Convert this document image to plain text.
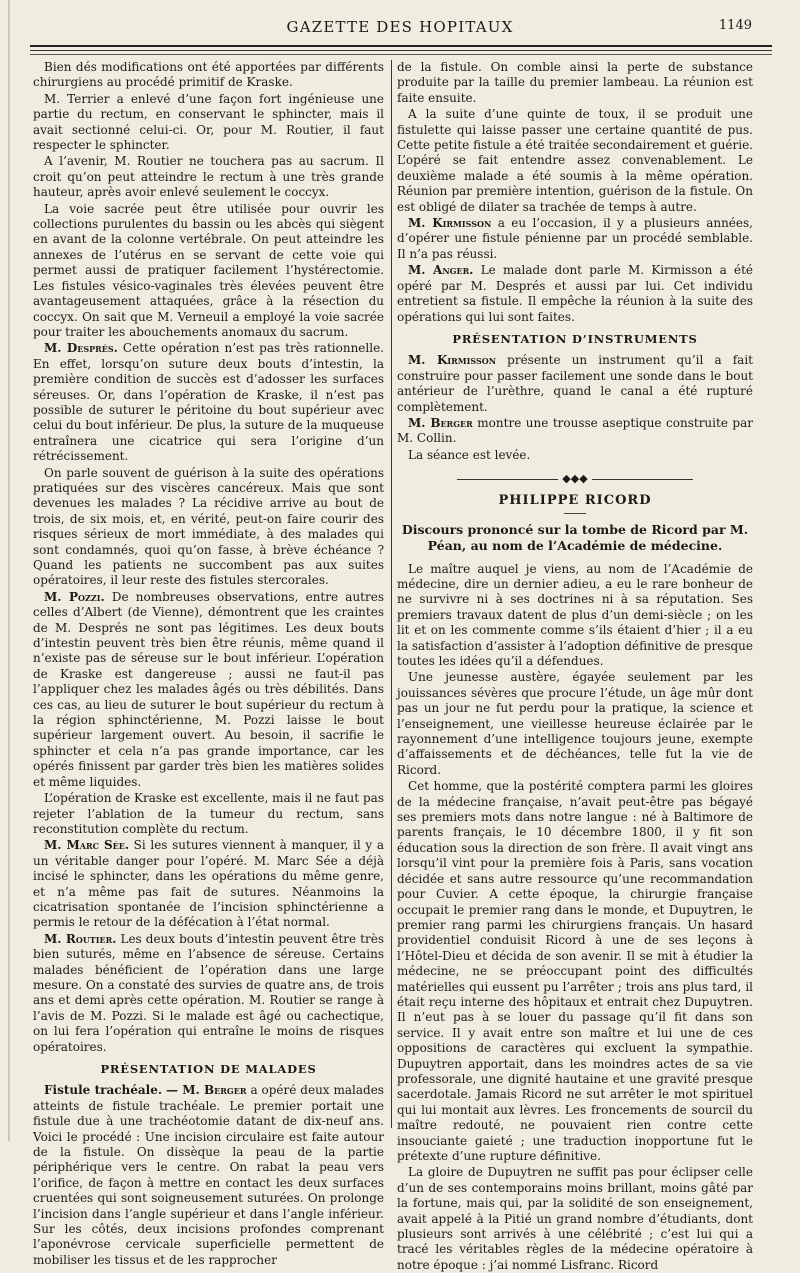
GAZETTE DES HOPITAUX	1149

Bien dés modifications ont été apportées par différents chirurgiens au procédé primitif de Kraske.

M. Terrier a enlevé d’une façon fort ingénieuse une partie du rectum, en conservant le sphincter, mais il avait sectionné celui-ci. Or, pour M. Routier, il faut respecter le sphincter.

A l’avenir, M. Routier ne touchera pas au sacrum. Il croit qu’on peut atteindre le rectum à une très grande hauteur, après avoir enlevé seulement le coccyx.

La voie sacrée peut être utilisée pour ouvrir les collections purulentes du bassin ou les abcès qui siègent en avant de la colonne vertébrale. On peut atteindre les annexes de l’utérus en se servant de cette voie qui permet aussi de pratiquer facilement l’hystérectomie. Les fistules vésico-vaginales très élevées peuvent être avantageusement attaquées, grâce à la résection du coccyx. On sait que M. Verneuil a employé la voie sacrée pour traiter les abouchements anomaux du sacrum.

M. Després. Cette opération n’est pas très rationnelle. En effet, lorsqu’on suture deux bouts d’intestin, la première condition de succès est d’adosser les surfaces séreuses. Or, dans l’opération de Kraske, il n’est pas possible de suturer le péritoine du bout supérieur avec celui du bout inférieur. De plus, la suture de la muqueuse entraînera une cicatrice qui sera l’origine d’un rétrécissement.

On parle souvent de guérison à la suite des opérations pratiquées sur des viscères cancéreux. Mais que sont devenues les malades ? La récidive arrive au bout de trois, de six mois, et, en vérité, peut-on faire courir des risques sérieux de mort immédiate, à des malades qui sont condamnés, quoi qu’on fasse, à brève échéance ? Quand les patients ne succombent pas aux suites opératoires, il leur reste des fistules stercorales.

M. Pozzi. De nombreuses observations, entre autres celles d’Albert (de Vienne), démontrent que les craintes de M. Després ne sont pas légitimes. Les deux bouts d’intestin peuvent très bien être réunis, même quand il n’existe pas de séreuse sur le bout inférieur. L’opération de Kraske est dangereuse ; aussi ne faut-il pas l’appliquer chez les malades âgés ou très débilités. Dans ces cas, au lieu de suturer le bout supérieur du rectum à la région sphinctérienne, M. Pozzi laisse le bout supérieur largement ouvert. Au besoin, il sacrifie le sphincter et cela n’a pas grande importance, car les opérés finissent par garder très bien les matières solides et même liquides.

L’opération de Kraske est excellente, mais il ne faut pas rejeter l’ablation de la tumeur du rectum, sans reconstitution complète du rectum.

M. Marc Sée. Si les sutures viennent à manquer, il y a un véritable danger pour l’opéré. M. Marc Sée a déjà incisé le sphincter, dans les opérations du même genre, et n’a même pas fait de sutures. Néanmoins la cicatrisation spontanée de l’incision sphinctérienne a permis le retour de la défécation à l’état normal.

M. Routier. Les deux bouts d’intestin peuvent être très bien suturés, même en l’absence de séreuse. Certains malades bénéficient de l’opération dans une large mesure. On a constaté des survies de quatre ans, de trois ans et demi après cette opération. M. Routier se range à l’avis de M. Pozzi. Si le malade est âgé ou cachectique, on lui fera l’opération qui entraîne le moins de risques opératoires.

PRÉSENTATION DE MALADES

Fistule trachéale. — M. Berger a opéré deux malades atteints de fistule trachéale. Le premier portait une fistule due à une trachéotomie datant de dix-neuf ans. Voici le procédé : Une incision circulaire est faite autour de la fistule. On dissèque la peau de la partie périphérique vers le centre. On rabat la peau vers l’orifice, de façon à mettre en contact les deux surfaces cruentées qui sont soigneusement suturées. On prolonge l’incision dans l’angle supérieur et dans l’angle inférieur. Sur les côtés, deux incisions profondes comprenant l’aponévrose cervicale superficielle permettent de mobiliser les tissus et de les rapprocher

de la fistule. On comble ainsi la perte de substance produite par la taille du premier lambeau. La réunion est faite ensuite.

A la suite d’une quinte de toux, il se produit une fistulette qui laisse passer une certaine quantité de pus. Cette petite fistule a été traitée secondairement et guérie. L’opéré se fait entendre assez convenablement. Le deuxième malade a été soumis à la même opération. Réunion par première intention, guérison de la fistule. On est obligé de dilater sa trachée de temps à autre.

M. Kirmisson a eu l’occasion, il y a plusieurs années, d’opérer une fistule pénienne par un procédé semblable. Il n’a pas réussi.

M. Anger. Le malade dont parle M. Kirmisson a été opéré par M. Després et aussi par lui. Cet individu entretient sa fistule. Il empêche la réunion à la suite des opérations qui lui sont faites.

PRÉSENTATION D’INSTRUMENTS

M. Kirmisson présente un instrument qu’il a fait construire pour passer facilement une sonde dans le bout antérieur de l’urèthre, quand le canal a été rupturé complètement.

M. Berger montre une trousse aseptique construite par M. Collin.

La séance est levée.

◆◆◆
PHILIPPE RICORD
Discours prononcé sur la tombe de Ricord par M. Péan, au nom de l’Académie de médecine.

Le maître auquel je viens, au nom de l’Académie de médecine, dire un dernier adieu, a eu le rare bonheur de ne survivre ni à ses doctrines ni à sa réputation. Ses premiers travaux datent de plus d’un demi-siècle ; on les lit et on les commente comme s’ils étaient d’hier ; il a eu la satisfaction d’assister à l’adoption définitive de presque toutes les idées qu’il a défendues.

Une jeunesse austère, égayée seulement par les jouissances sévères que procure l’étude, un âge mûr dont pas un jour ne fut perdu pour la pratique, la science et l’enseignement, une vieillesse heureuse éclairée par le rayonnement d’une intelligence toujours jeune, exempte d’affaissements et de déchéances, telle fut la vie de Ricord.

Cet homme, que la postérité comptera parmi les gloires de la médecine française, n’avait peut-être pas bégayé ses premiers mots dans notre langue : né à Baltimore de parents français, le 10 décembre 1800, il y fit son éducation sous la direction de son frère. Il avait vingt ans lorsqu’il vint pour la première fois à Paris, sans vocation décidée et sans autre ressource qu’une recommandation pour Cuvier. A cette époque, la chirurgie française occupait le premier rang dans le monde, et Dupuytren, le premier rang parmi les chirurgiens français. Un hasard providentiel conduisit Ricord à une de ses leçons à l’Hôtel-Dieu et décida de son avenir. Il se mit à étudier la médecine, ne se préoccupant point des difficultés matérielles qui eussent pu l’arrêter ; trois ans plus tard, il était reçu interne des hôpitaux et entrait chez Dupuytren. Il n’eut pas à se louer du passage qu’il fit dans son service. Il y avait entre son maître et lui une de ces oppositions de caractères qui excluent la sympathie. Dupuytren apportait, dans les moindres actes de sa vie professorale, une dignité hautaine et une gravité presque sacerdotale. Jamais Ricord ne sut arrêter le mot spirituel qui lui montait aux lèvres. Les froncements de sourcil du maître redouté, ne pouvaient rien contre cette insouciante gaieté ; une traduction inopportune fut le prétexte d’une rupture définitive.

La gloire de Dupuytren ne suffit pas pour éclipser celle d’un de ses contemporains moins brillant, moins gâté par la fortune, mais qui, par la solidité de son enseignement, avait appelé à la Pitié un grand nombre d’étudiants, dont plusieurs sont arrivés à une célébrité ; c’est lui qui a tracé les véritables règles de la médecine opératoire à notre époque : j’ai nommé Lisfranc. Ricord
